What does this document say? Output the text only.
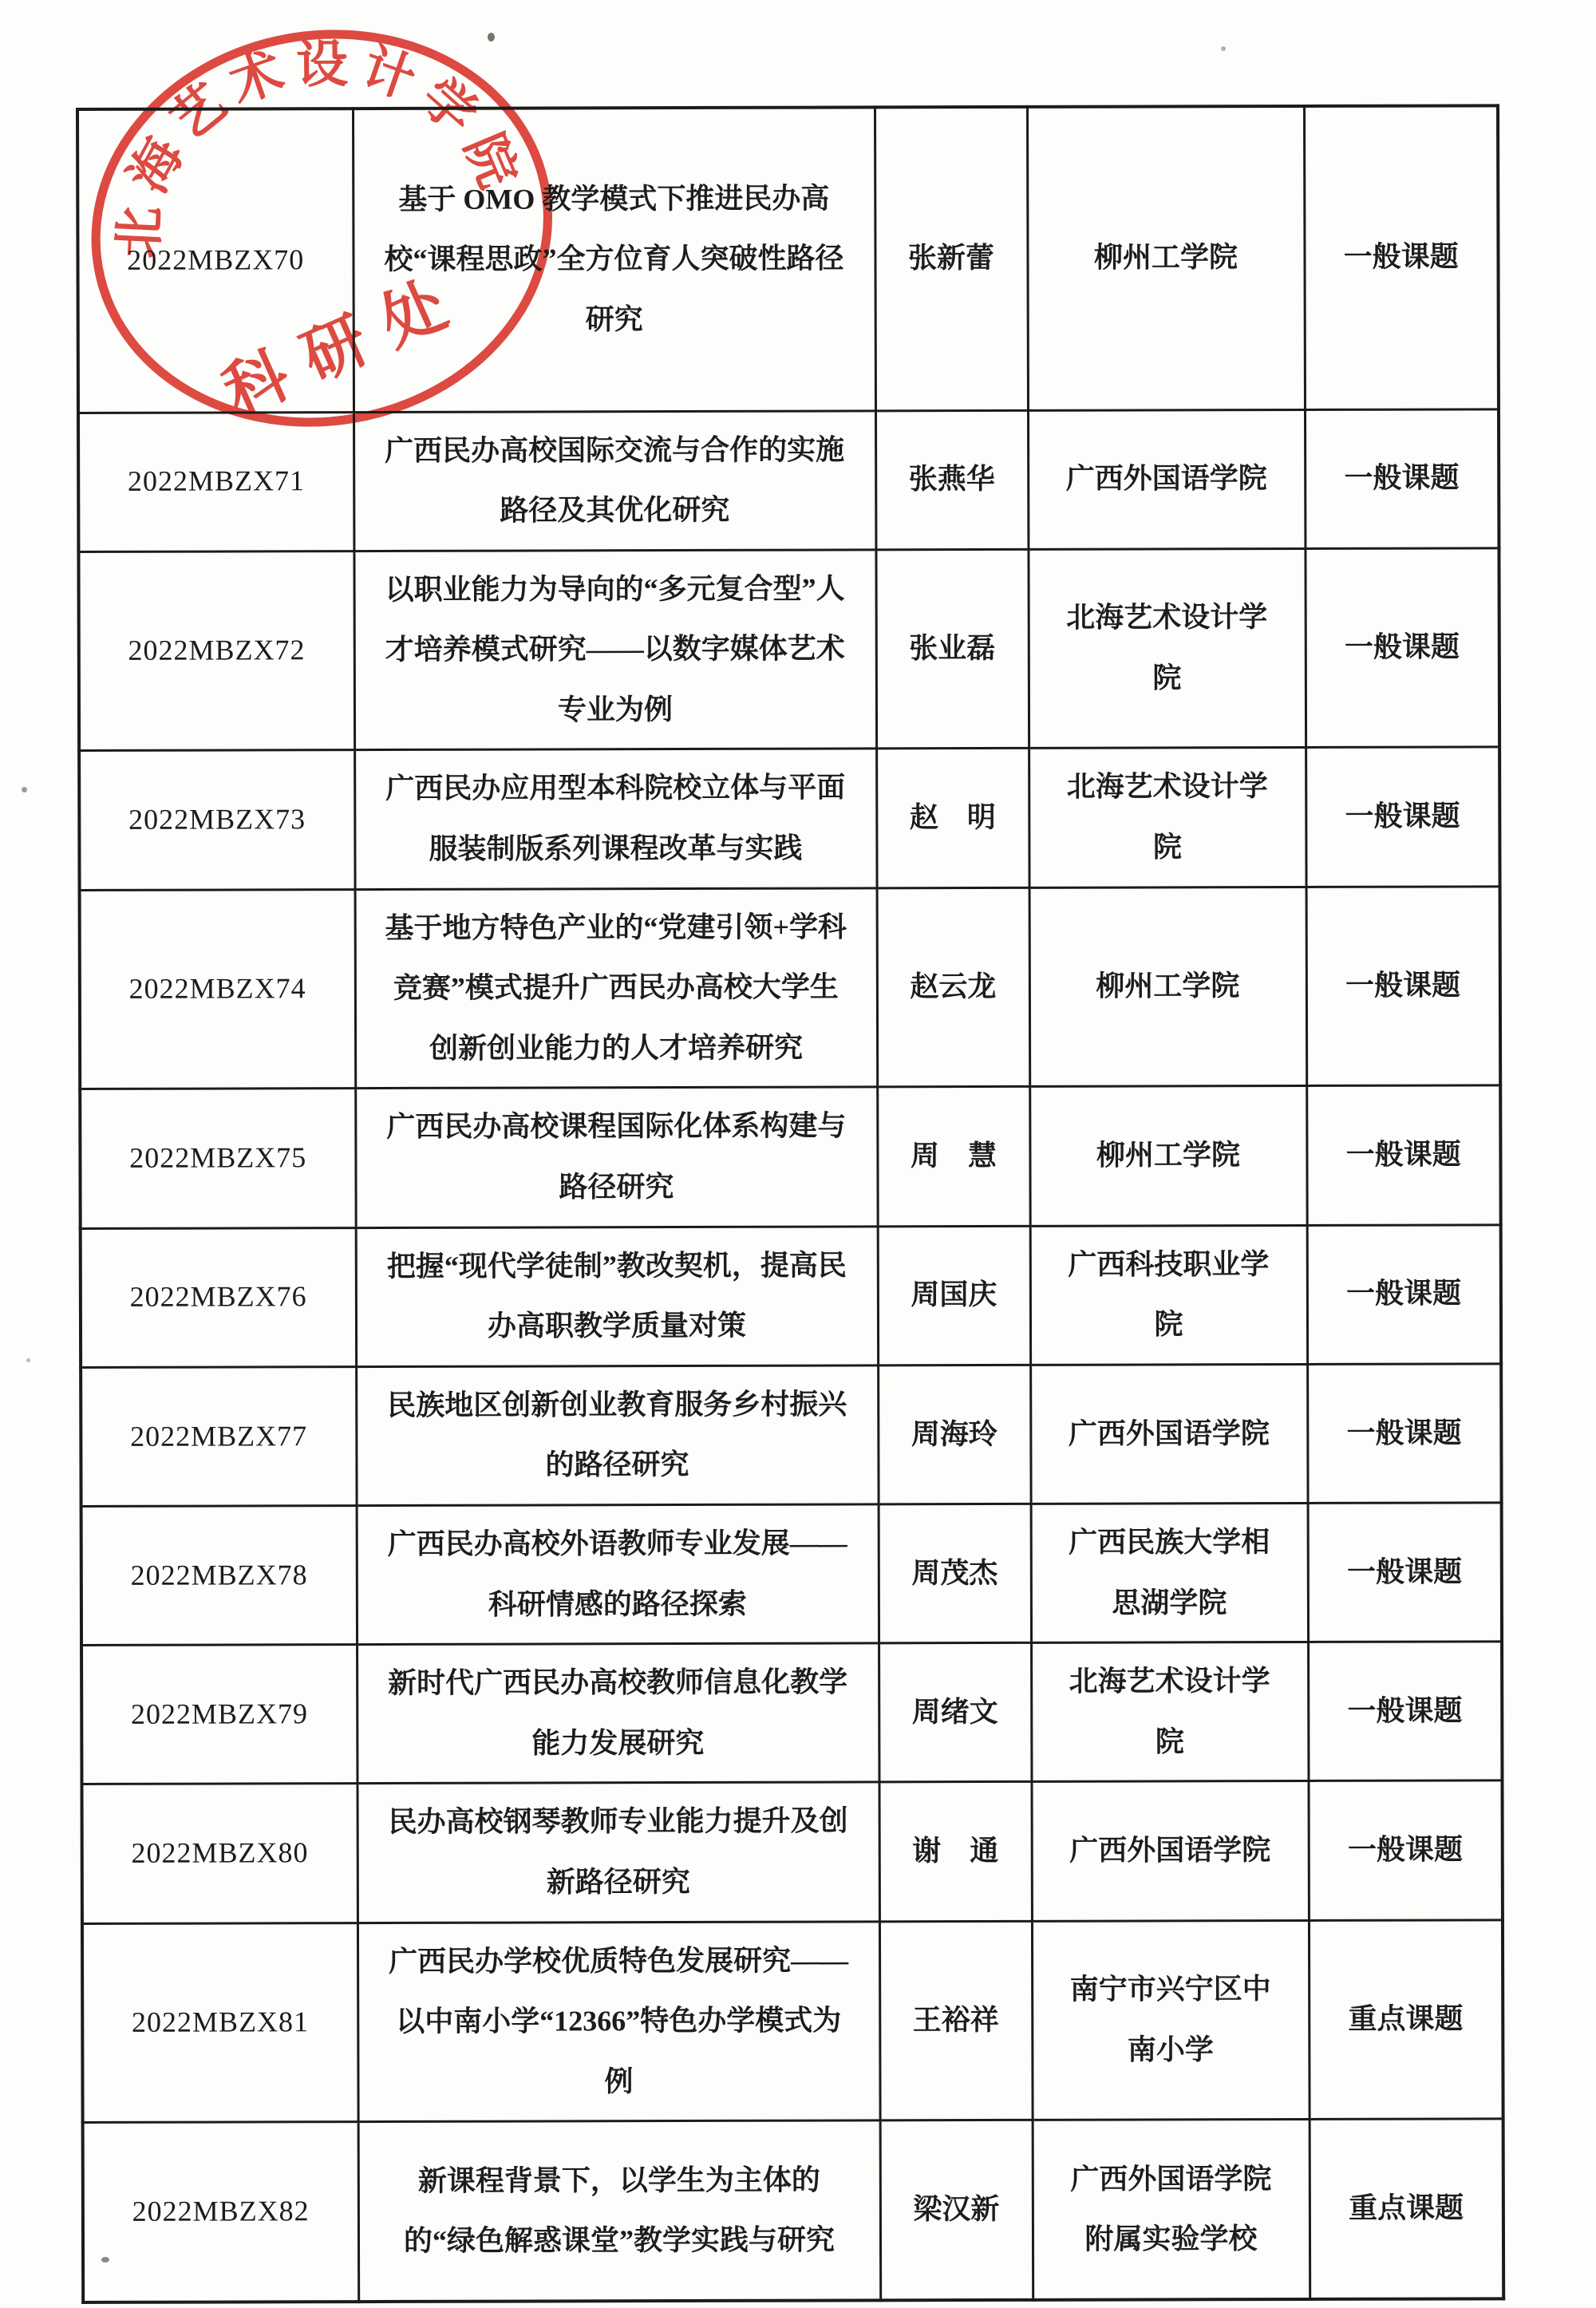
北海艺术设计学院
科研处
2022MBZX70	基于 OMO 教学模式下推进民办高校“课程思政”全方位育人突破性路径研究	张新蕾	柳州工学院	一般课题
2022MBZX71	广西民办高校国际交流与合作的实施路径及其优化研究	张燕华	广西外国语学院	一般课题
2022MBZX72	以职业能力为导向的“多元复合型”人才培养模式研究——以数字媒体艺术专业为例	张业磊	北海艺术设计学院	一般课题
2022MBZX73	广西民办应用型本科院校立体与平面服装制版系列课程改革与实践	赵　明	北海艺术设计学院	一般课题
2022MBZX74	基于地方特色产业的“党建引领+学科竞赛”模式提升广西民办高校大学生创新创业能力的人才培养研究	赵云龙	柳州工学院	一般课题
2022MBZX75	广西民办高校课程国际化体系构建与路径研究	周　慧	柳州工学院	一般课题
2022MBZX76	把握“现代学徒制”教改契机，提高民办高职教学质量对策	周国庆	广西科技职业学院	一般课题
2022MBZX77	民族地区创新创业教育服务乡村振兴的路径研究	周海玲	广西外国语学院	一般课题
2022MBZX78	广西民办高校外语教师专业发展——科研情感的路径探索	周茂杰	广西民族大学相思湖学院	一般课题
2022MBZX79	新时代广西民办高校教师信息化教学能力发展研究	周绪文	北海艺术设计学院	一般课题
2022MBZX80	民办高校钢琴教师专业能力提升及创新路径研究	谢　通	广西外国语学院	一般课题
2022MBZX81	广西民办学校优质特色发展研究——以中南小学“12366”特色办学模式为例	王裕祥	南宁市兴宁区中南小学	重点课题
2022MBZX82	新课程背景下，以学生为主体的的“绿色解惑课堂”教学实践与研究	梁汉新	广西外国语学院附属实验学校	重点课题
